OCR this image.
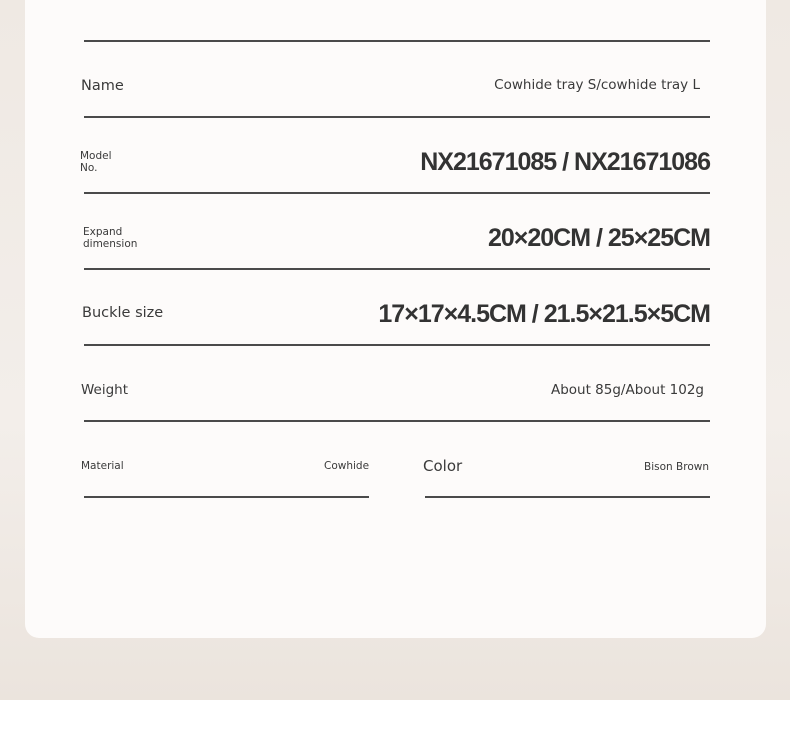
Name	Cowhide tray S/cowhide tray L
Model
No.	NX21671085 / NX21671086
Expand
dimension	20×20CM / 25×25CM
Buckle size	17×17×4.5CM / 21.5×21.5×5CM
Weight	About 85g/About 102g
Material	Cowhide	Color	Bison Brown
